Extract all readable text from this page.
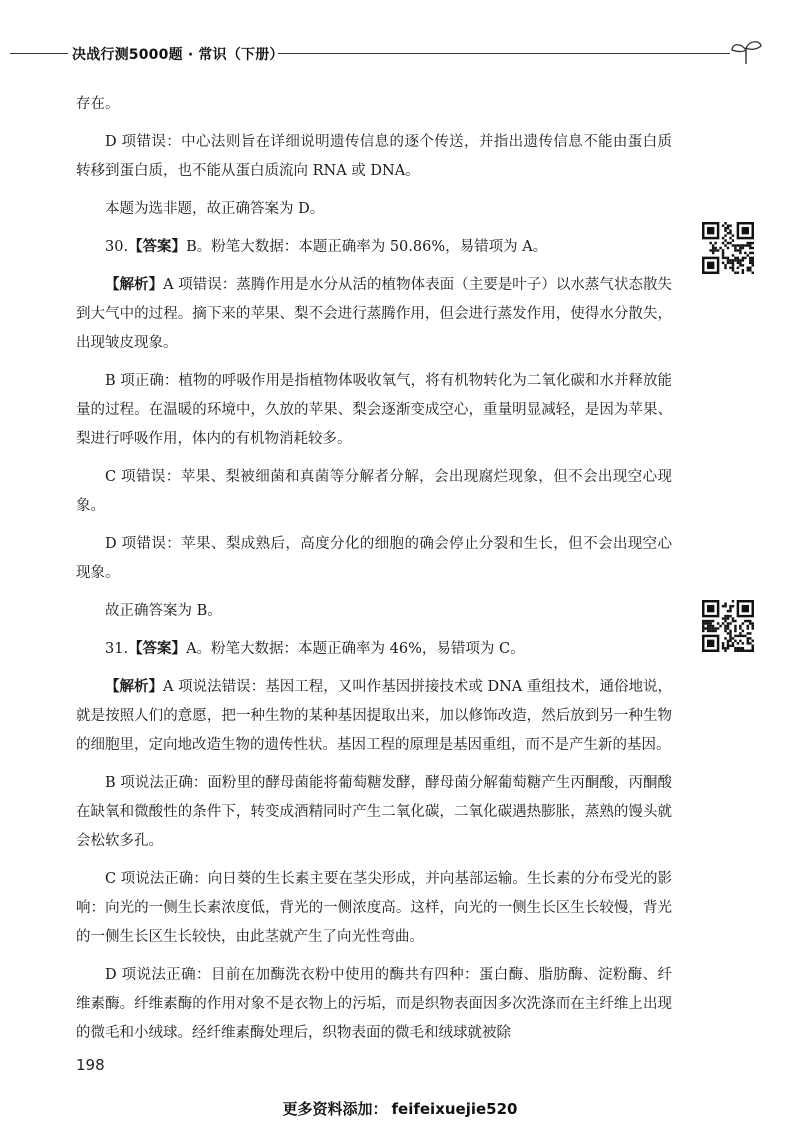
决战行测5000题 · 常识（下册）

存在。

D 项错误：中心法则旨在详细说明遗传信息的逐个传送，并指出遗传信息不能由蛋白质转移到蛋白质，也不能从蛋白质流向 RNA 或 DNA。

本题为选非题，故正确答案为 D。

30.【答案】B。粉笔大数据：本题正确率为 50.86%，易错项为 A。

【解析】A 项错误：蒸腾作用是水分从活的植物体表面（主要是叶子）以水蒸气状态散失到大气中的过程。摘下来的苹果、梨不会进行蒸腾作用，但会进行蒸发作用，使得水分散失，出现皱皮现象。

B 项正确：植物的呼吸作用是指植物体吸收氧气，将有机物转化为二氧化碳和水并释放能量的过程。在温暖的环境中，久放的苹果、梨会逐渐变成空心，重量明显减轻，是因为苹果、梨进行呼吸作用，体内的有机物消耗较多。

C 项错误：苹果、梨被细菌和真菌等分解者分解，会出现腐烂现象，但不会出现空心现象。

D 项错误：苹果、梨成熟后，高度分化的细胞的确会停止分裂和生长，但不会出现空心现象。

故正确答案为 B。

31.【答案】A。粉笔大数据：本题正确率为 46%，易错项为 C。

【解析】A 项说法错误：基因工程，又叫作基因拼接技术或 DNA 重组技术，通俗地说，就是按照人们的意愿，把一种生物的某种基因提取出来，加以修饰改造，然后放到另一种生物的细胞里，定向地改造生物的遗传性状。基因工程的原理是基因重组，而不是产生新的基因。

B 项说法正确：面粉里的酵母菌能将葡萄糖发酵，酵母菌分解葡萄糖产生丙酮酸，丙酮酸在缺氧和微酸性的条件下，转变成酒精同时产生二氧化碳，二氧化碳遇热膨胀，蒸熟的馒头就会松软多孔。

C 项说法正确：向日葵的生长素主要在茎尖形成，并向基部运输。生长素的分布受光的影响：向光的一侧生长素浓度低，背光的一侧浓度高。这样，向光的一侧生长区生长较慢，背光的一侧生长区生长较快，由此茎就产生了向光性弯曲。

D 项说法正确：目前在加酶洗衣粉中使用的酶共有四种：蛋白酶、脂肪酶、淀粉酶、纤维素酶。纤维素酶的作用对象不是衣物上的污垢，而是织物表面因多次洗涤而在主纤维上出现的微毛和小绒球。经纤维素酶处理后，织物表面的微毛和绒球就被除

198
更多资料添加： feifeixuejie520
